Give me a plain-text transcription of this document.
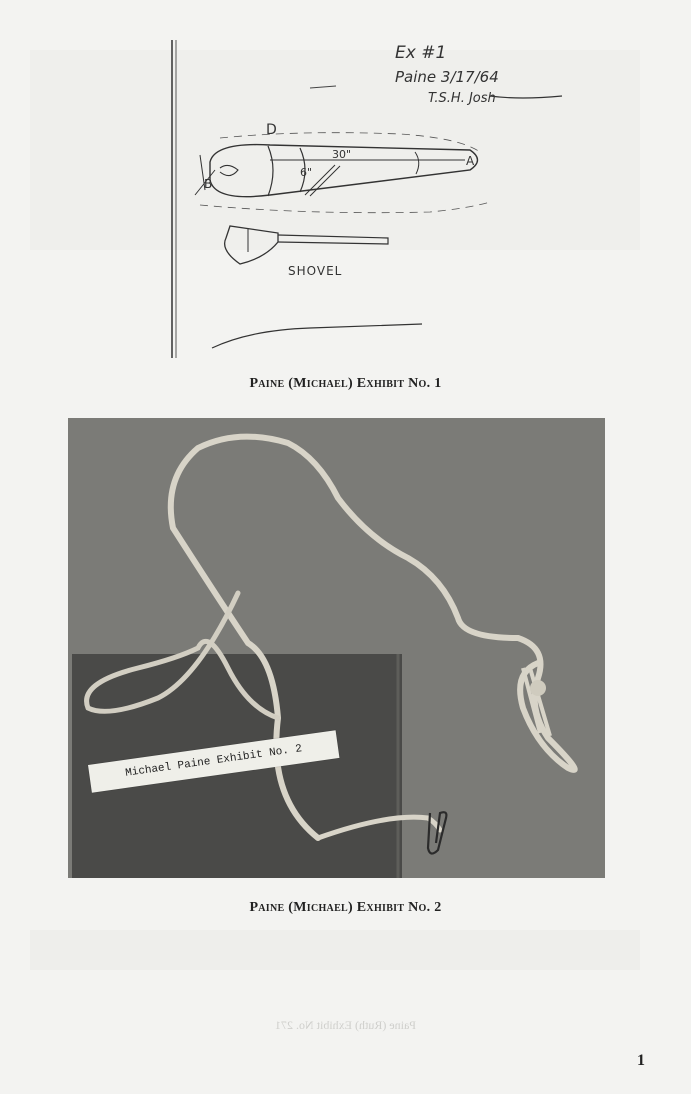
Ex #1
Paine 3/17/64
T.S.H. Josh
D
30"
6"
B
A
SHOVEL
Paine (Michael) Exhibit No. 1
Michael Paine Exhibit No. 2
Paine (Michael) Exhibit No. 2
Paine (Ruth) Exhibit No. 271
1
